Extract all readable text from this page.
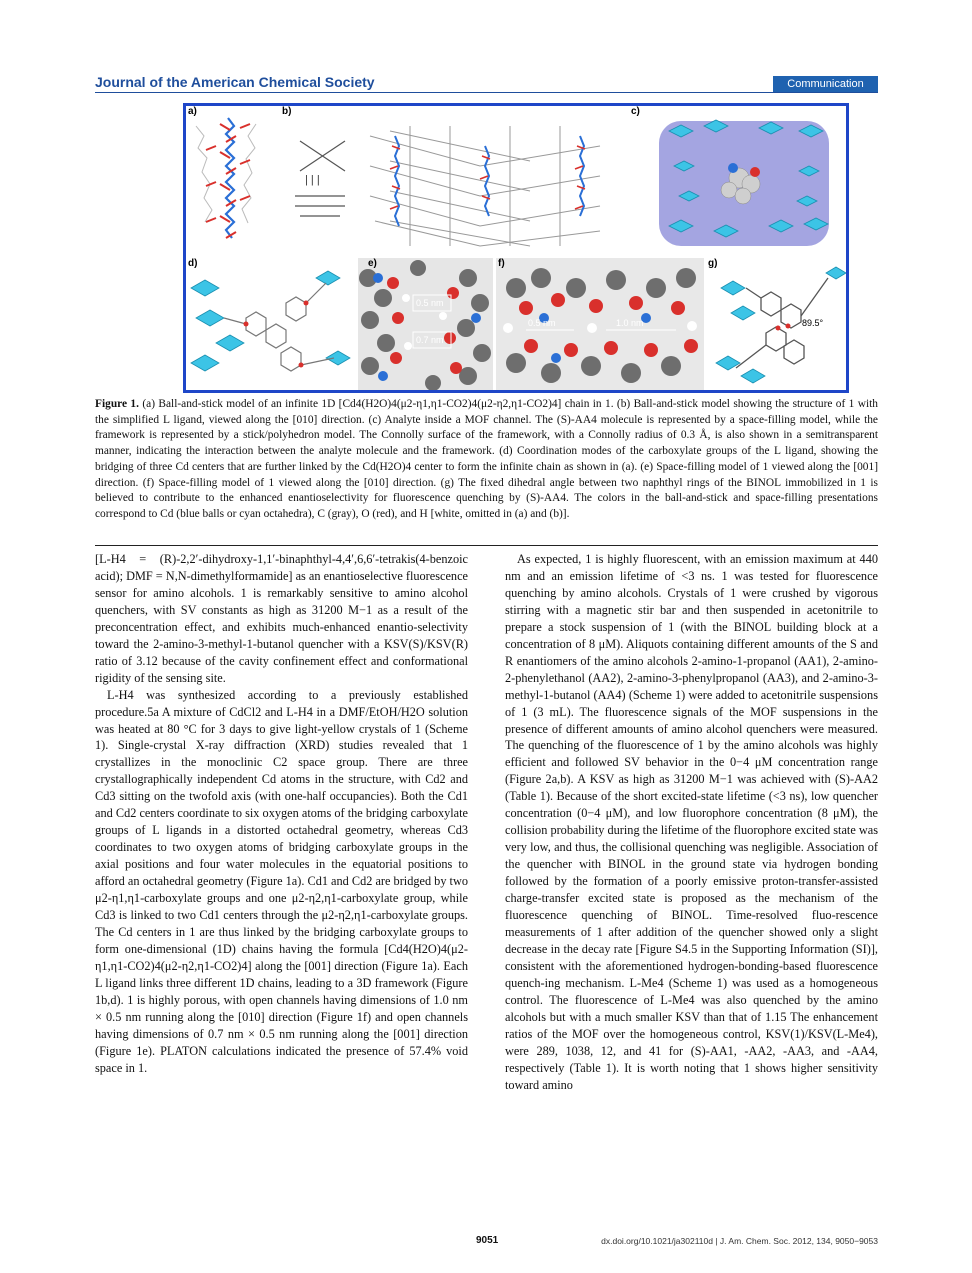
Journal of the American Chemical Society	Communication
a)	b)
| | |
c)
d)	e)
0.5 nm
0.7 nm
f)
0.5 nm	1.0 nm
g)
89.5°
Figure 1. (a) Ball-and-stick model of an infinite 1D [Cd4(H2O)4(μ2-η1,η1-CO2)4(μ2-η2,η1-CO2)4] chain in 1. (b) Ball-and-stick model showing the structure of 1 with the simplified L ligand, viewed along the [010] direction. (c) Analyte inside a MOF channel. The (S)-AA4 molecule is represented by a space-filling model, while the framework is represented by a stick/polyhedron model. The Connolly surface of the framework, with a Connolly radius of 0.3 Å, is also shown in a semitransparent manner, indicating the interaction between the analyte molecule and the framework. (d) Coordination modes of the carboxylate groups of the L ligand, showing the bridging of three Cd centers that are further linked by the Cd(H2O)4 center to form the infinite chain as shown in (a). (e) Space-filling model of 1 viewed along the [001] direction. (f) Space-filling model of 1 viewed along the [010] direction. (g) The fixed dihedral angle between two naphthyl rings of the BINOL immobilized in 1 is believed to contribute to the enhanced enantioselectivity for fluorescence quenching by (S)-AA4. The colors in the ball-and-stick and space-filling presentations correspond to Cd (blue balls or cyan octahedra), C (gray), O (red), and H [white, omitted in (a) and (b)].

[L-H4 = (R)-2,2′-dihydroxy-1,1′-binaphthyl-4,4′,6,6′-tetrakis(4-benzoic acid); DMF = N,N-dimethylformamide] as an enantioselective fluorescence sensor for amino alcohols. 1 is remarkably sensitive to amino alcohol quenchers, with SV constants as high as 31200 M−1 as a result of the preconcentration effect, and exhibits much-enhanced enantio-selectivity toward the 2-amino-3-methyl-1-butanol quencher with a KSV(S)/KSV(R) ratio of 3.12 because of the cavity confinement effect and conformational rigidity of the sensing site.

L-H4 was synthesized according to a previously established procedure.5a A mixture of CdCl2 and L-H4 in a DMF/EtOH/H2O solution was heated at 80 °C for 3 days to give light-yellow crystals of 1 (Scheme 1). Single-crystal X-ray diffraction (XRD) studies revealed that 1 crystallizes in the monoclinic C2 space group. There are three crystallographically independent Cd atoms in the structure, with Cd2 and Cd3 sitting on the twofold axis (with one-half occupancies). Both the Cd1 and Cd2 centers coordinate to six oxygen atoms of the bridging carboxylate groups of L ligands in a distorted octahedral geometry, whereas Cd3 coordinates to two oxygen atoms of bridging carboxylate groups in the axial positions and four water molecules in the equatorial positions to afford an octahedral geometry (Figure 1a). Cd1 and Cd2 are bridged by two μ2-η1,η1-carboxylate groups and one μ2-η2,η1-carboxylate group, while Cd3 is linked to two Cd1 centers through the μ2-η2,η1-carboxylate groups. The Cd centers in 1 are thus linked by the bridging carboxylate groups to form one-dimensional (1D) chains having the formula [Cd4(H2O)4(μ2-η1,η1-CO2)4(μ2-η2,η1-CO2)4] along the [001] direction (Figure 1a). Each L ligand links three different 1D chains, leading to a 3D framework (Figure 1b,d). 1 is highly porous, with open channels having dimensions of 1.0 nm × 0.5 nm running along the [010] direction (Figure 1f) and open channels having dimensions of 0.7 nm × 0.5 nm running along the [001] direction (Figure 1e). PLATON calculations indicated the presence of 57.4% void space in 1.

As expected, 1 is highly fluorescent, with an emission maximum at 440 nm and an emission lifetime of <3 ns. 1 was tested for fluorescence quenching by amino alcohols. Crystals of 1 were crushed by vigorous stirring with a magnetic stir bar and then suspended in acetonitrile to prepare a stock suspension of 1 (with the BINOL building block at a concentration of 8 μM). Aliquots containing different amounts of the S and R enantiomers of the amino alcohols 2-amino-1-propanol (AA1), 2-amino-2-phenylethanol (AA2), 2-amino-3-phenylpropanol (AA3), and 2-amino-3-methyl-1-butanol (AA4) (Scheme 1) were added to acetonitrile suspensions of 1 (3 mL). The fluorescence signals of the MOF suspensions in the presence of different amounts of amino alcohol quenchers were measured. The quenching of the fluorescence of 1 by the amino alcohols was highly efficient and followed SV behavior in the 0−4 μM concentration range (Figure 2a,b). A KSV as high as 31200 M−1 was achieved with (S)-AA2 (Table 1). Because of the short excited-state lifetime (<3 ns), low quencher concentration (0−4 μM), and low fluorophore concentration (8 μM), the collision probability during the lifetime of the fluorophore excited state was very low, and thus, the collisional quenching was negligible. Association of the quencher with BINOL in the ground state via hydrogen bonding followed by the formation of a poorly emissive proton-transfer-assisted charge-transfer excited state is proposed as the mechanism of the fluorescence quenching of BINOL. Time-resolved fluo-rescence measurements of 1 after addition of the quencher showed only a slight decrease in the decay rate [Figure S4.5 in the Supporting Information (SI)], consistent with the aforementioned hydrogen-bonding-based fluorescence quench-ing mechanism. L-Me4 (Scheme 1) was used as a homogeneous control. The fluorescence of L-Me4 was also quenched by the amino alcohols but with a much smaller KSV than that of 1.15 The enhancement ratios of the MOF over the homogeneous control, KSV(1)/KSV(L-Me4), were 289, 1038, 12, and 41 for (S)-AA1, -AA2, -AA3, and -AA4, respectively (Table 1). It is worth noting that 1 shows higher sensitivity toward amino

9051	dx.doi.org/10.1021/ja302110d | J. Am. Chem. Soc. 2012, 134, 9050−9053
